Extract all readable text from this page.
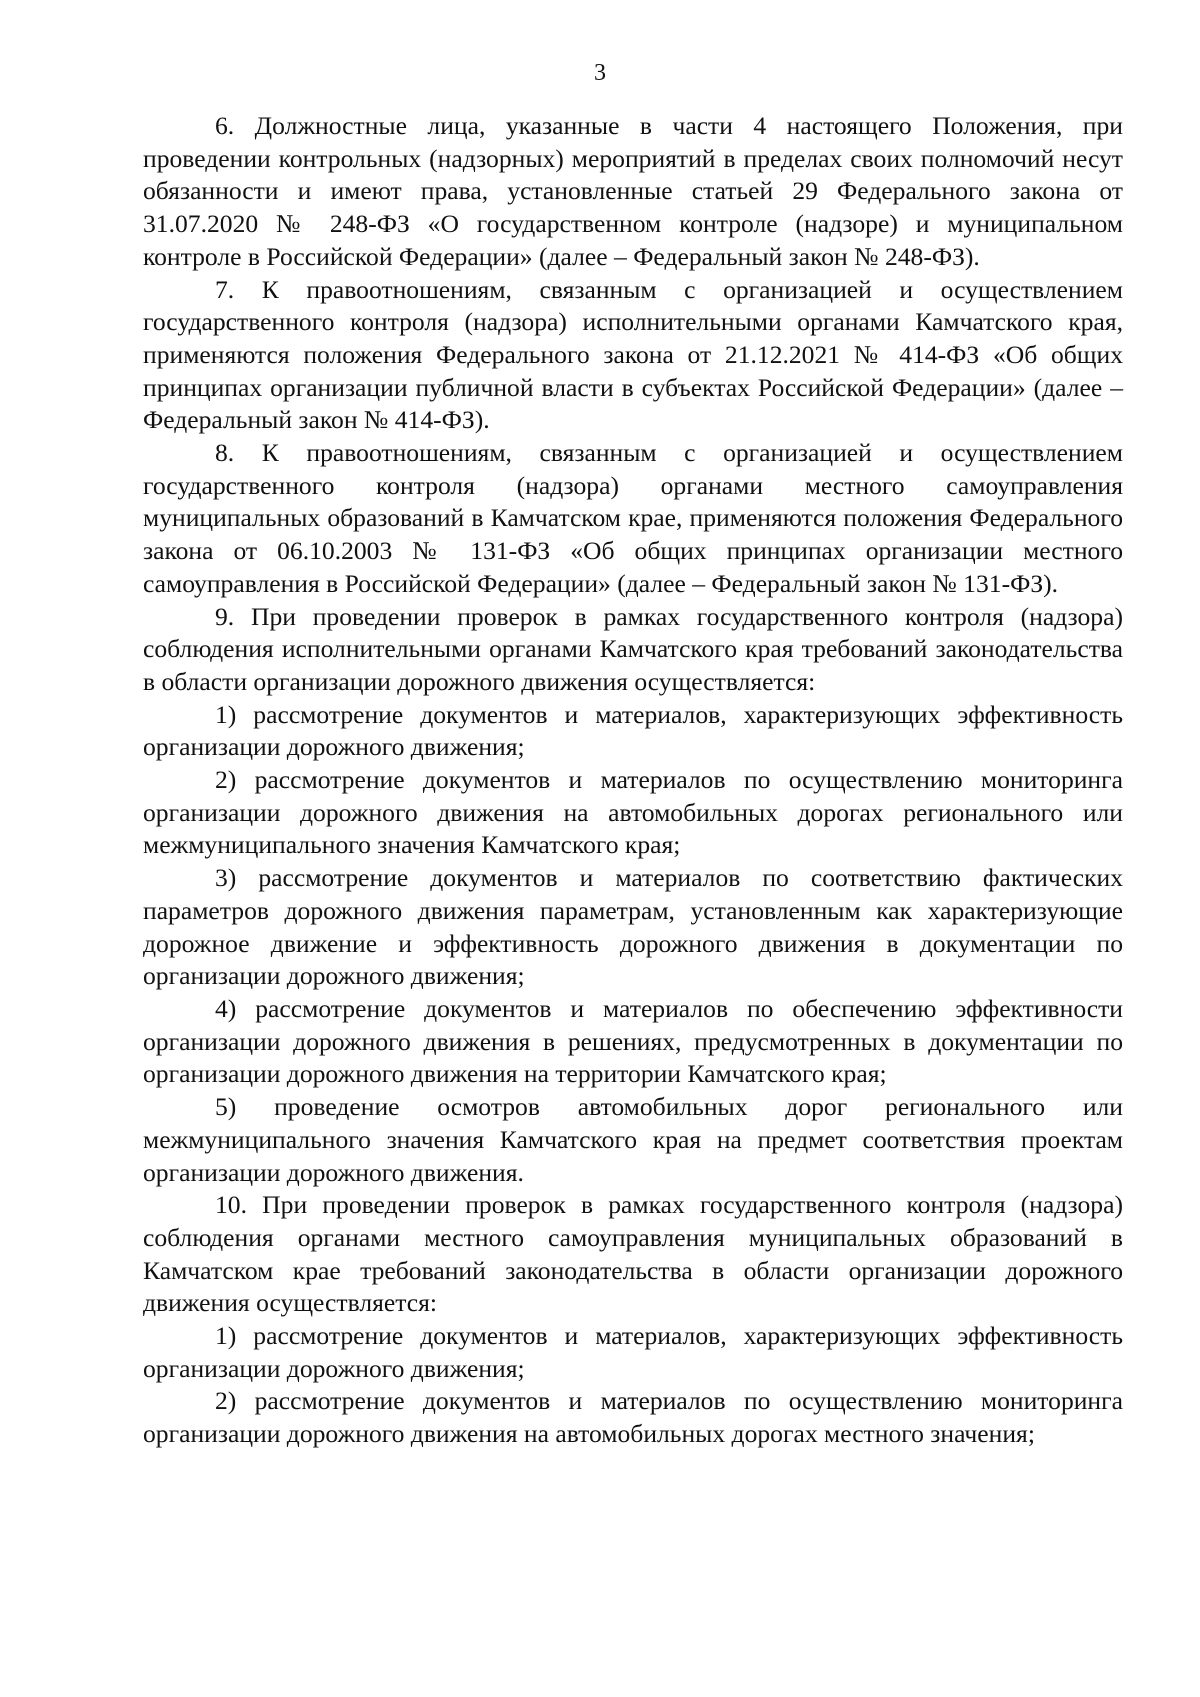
3

6. Должностные лица, указанные в части 4 настоящего Положения, при проведении контрольных (надзорных) мероприятий в пределах своих полномочий несут обязанности и имеют права, установленные статьей 29 Федерального закона от 31.07.2020 № 248-ФЗ «О государственном контроле (надзоре) и муниципальном контроле в Российской Федерации» (далее – Федеральный закон № 248-ФЗ).

7. К правоотношениям, связанным с организацией и осуществлением государственного контроля (надзора) исполнительными органами Камчатского края, применяются положения Федерального закона от 21.12.2021 № 414-ФЗ «Об общих принципах организации публичной власти в субъектах Российской Федерации» (далее – Федеральный закон № 414-ФЗ).

8. К правоотношениям, связанным с организацией и осуществлением государственного контроля (надзора) органами местного самоуправления муниципальных образований в Камчатском крае, применяются положения Федерального закона от 06.10.2003 № 131-ФЗ «Об общих принципах организации местного самоуправления в Российской Федерации» (далее – Федеральный закон № 131-ФЗ).

9. При проведении проверок в рамках государственного контроля (надзора) соблюдения исполнительными органами Камчатского края требований законодательства в области организации дорожного движения осуществляется:

1) рассмотрение документов и материалов, характеризующих эффективность организации дорожного движения;

2) рассмотрение документов и материалов по осуществлению мониторинга организации дорожного движения на автомобильных дорогах регионального или межмуниципального значения Камчатского края;

3) рассмотрение документов и материалов по соответствию фактических параметров дорожного движения параметрам, установленным как характеризующие дорожное движение и эффективность дорожного движения в документации по организации дорожного движения;

4) рассмотрение документов и материалов по обеспечению эффективности организации дорожного движения в решениях, предусмотренных в документации по организации дорожного движения на территории Камчатского края;

5) проведение осмотров автомобильных дорог регионального или межмуниципального значения Камчатского края на предмет соответствия проектам организации дорожного движения.

10. При проведении проверок в рамках государственного контроля (надзора) соблюдения органами местного самоуправления муниципальных образований в Камчатском крае требований законодательства в области организации дорожного движения осуществляется:

1) рассмотрение документов и материалов, характеризующих эффективность организации дорожного движения;

2) рассмотрение документов и материалов по осуществлению мониторинга организации дорожного движения на автомобильных дорогах местного значения;
